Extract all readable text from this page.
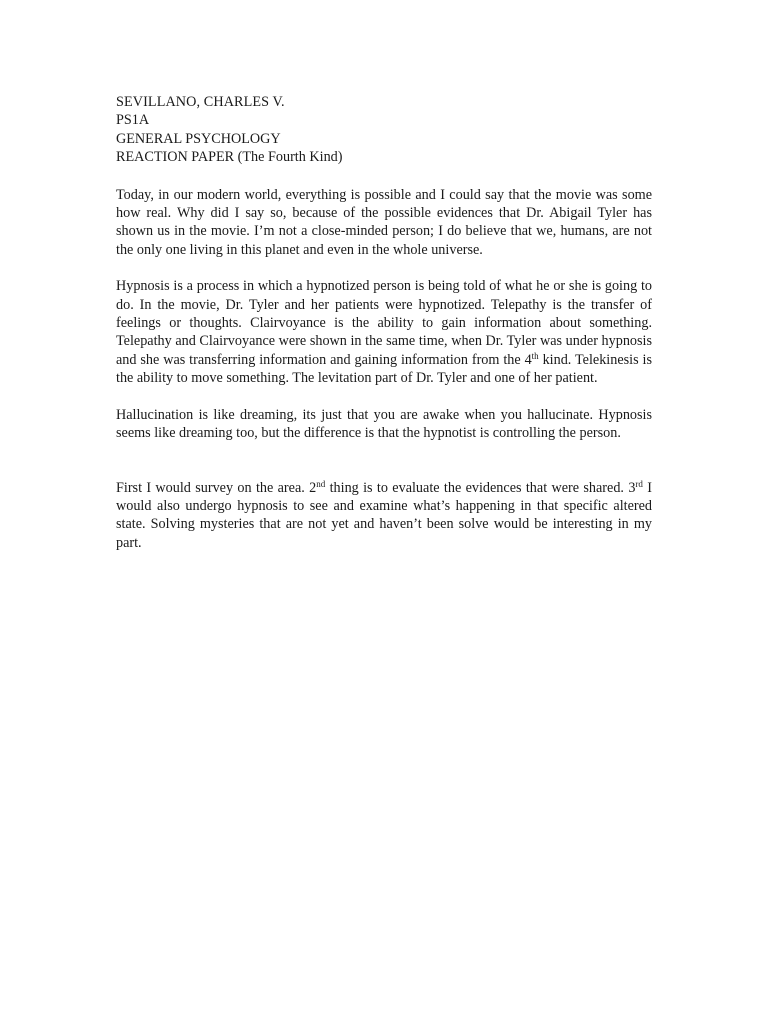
SEVILLANO, CHARLES V.
PS1A
GENERAL PSYCHOLOGY
REACTION PAPER (The Fourth Kind)

Today, in our modern world, everything is possible and I could say that the movie was some how real. Why did I say so, because of the possible evidences that Dr. Abigail Tyler has shown us in the movie. I’m not a close-minded person; I do believe that we, humans, are not the only one living in this planet and even in the whole universe.

Hypnosis is a process in which a hypnotized person is being told of what he or she is going to do. In the movie, Dr. Tyler and her patients were hypnotized. Telepathy is the transfer of feelings or thoughts. Clairvoyance is the ability to gain information about something. Telepathy and Clairvoyance were shown in the same time, when Dr. Tyler was under hypnosis and she was transferring information and gaining information from the 4th kind. Telekinesis is the ability to move something. The levitation part of Dr. Tyler and one of her patient.

Hallucination is like dreaming, its just that you are awake when you hallucinate. Hypnosis seems like dreaming too, but the difference is that the hypnotist is controlling the person.

First I would survey on the area. 2nd thing is to evaluate the evidences that were shared. 3rd I would also undergo hypnosis to see and examine what’s happening in that specific altered state. Solving mysteries that are not yet and haven’t been solve would be interesting in my part.
